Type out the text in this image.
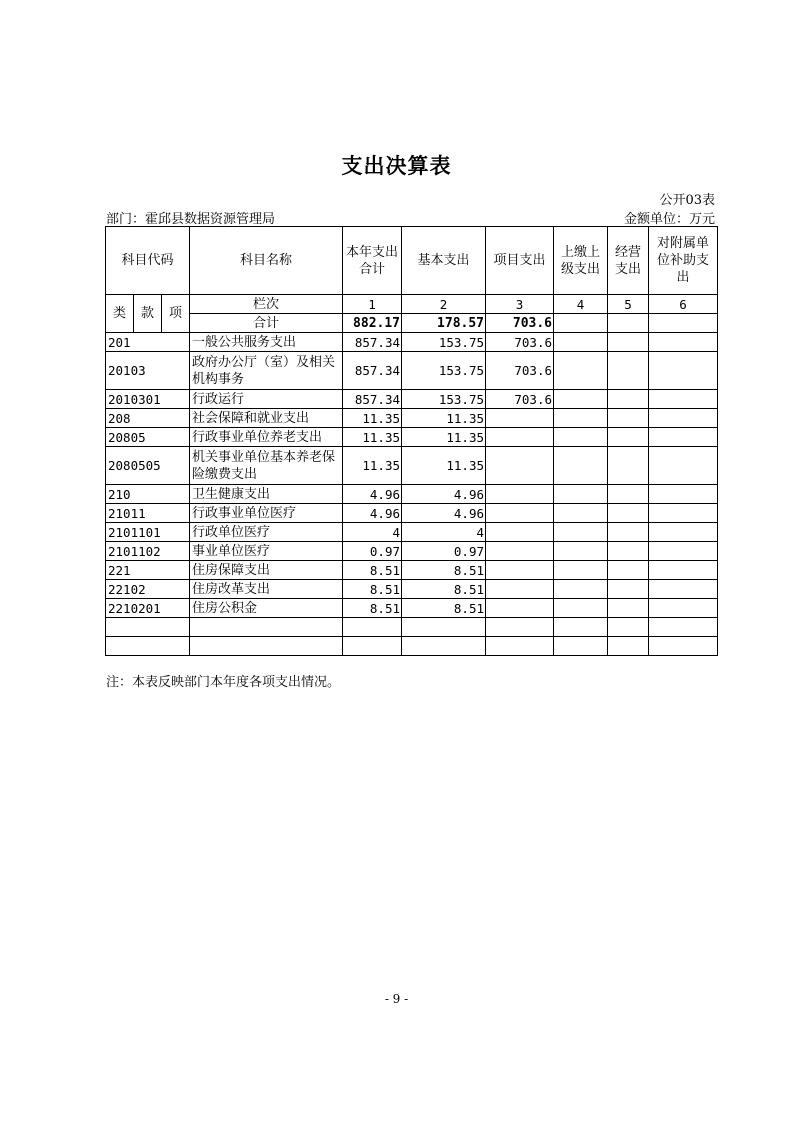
支出决算表
公开03表
部门：霍邱县数据资源管理局	金额单位：万元
科目代码			科目名称	本年支出合计	基本支出	项目支出	上缴上级支出	经营支出	对附属单位补助支出
类	款	项	栏次	1	2	3	4	5	6
			合计	882.17	178.57	703.6			
201			一般公共服务支出	857.34	153.75	703.6			
20103			政府办公厅（室）及相关机构事务	857.34	153.75	703.6			
2010301			行政运行	857.34	153.75	703.6			
208			社会保障和就业支出	11.35	11.35				
20805			行政事业单位养老支出	11.35	11.35				
2080505			机关事业单位基本养老保险缴费支出	11.35	11.35				
210			卫生健康支出	4.96	4.96				
21011			行政事业单位医疗	4.96	4.96				
2101101			行政单位医疗	4	4				
2101102			事业单位医疗	0.97	0.97				
221			住房保障支出	8.51	8.51				
22102			住房改革支出	8.51	8.51				
2210201			住房公积金	8.51	8.51				

注：本表反映部门本年度各项支出情况。
- 9 -
